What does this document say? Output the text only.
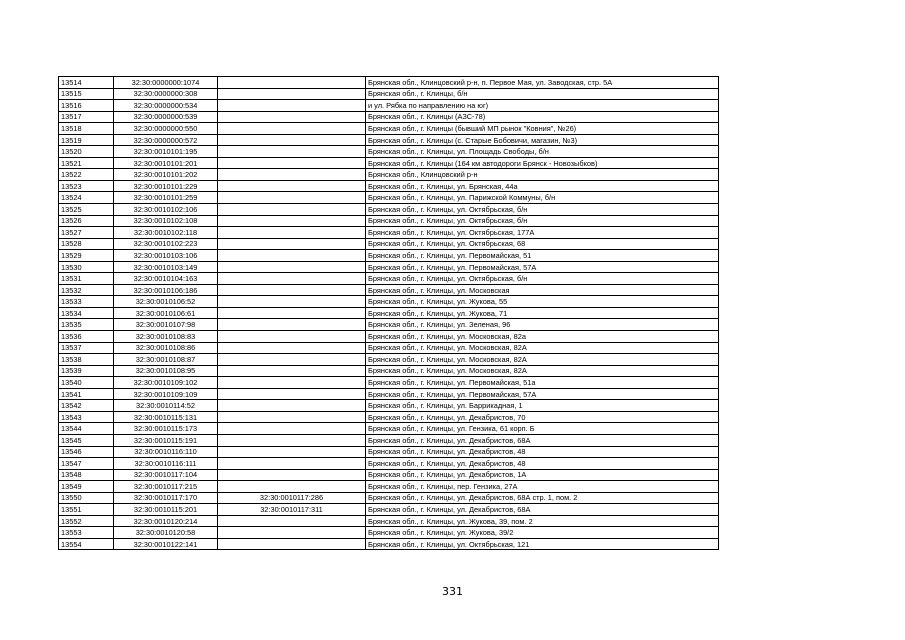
13514	32:30:0000000:1074		Брянская обл., Клинцовский р-н, п. Первое Мая, ул. Заводская, стр. 5А
13515	32:30:0000000:308		Брянская обл., г. Клинцы, б/н
13516	32:30:0000000:534		и ул. Рябка по направлению на юг)
13517	32:30:0000000:539		Брянская обл., г. Клинцы (АЗС-78)
13518	32:30:0000000:550		Брянская обл., г. Клинцы (бывший МП рынок "Ковния", №26)
13519	32:30:0000000:572		Брянская обл., г. Клинцы (с. Старые Бобовичи, магазин, №3)
13520	32:30:0010101:195		Брянская обл., г. Клинцы, ул. Площадь Свободы, б/н
13521	32:30:0010101:201		Брянская обл., г. Клинцы (164 км автодороги Брянск - Новозыбков)
13522	32:30:0010101:202		Брянская обл., Клинцовский р-н
13523	32:30:0010101:229		Брянская обл., г. Клинцы, ул. Брянская, 44а
13524	32:30:0010101:259		Брянская обл., г. Клинцы, ул. Парижской Коммуны, б/н
13525	32:30:0010102:106		Брянская обл., г. Клинцы, ул. Октябрьская, б/н
13526	32:30:0010102:108		Брянская обл., г. Клинцы, ул. Октябрьская, б/н
13527	32:30:0010102:118		Брянская обл., г. Клинцы, ул. Октябрьская, 177А
13528	32:30:0010102:223		Брянская обл., г. Клинцы, ул. Октябрьская, 68
13529	32:30:0010103:106		Брянская обл., г. Клинцы, ул. Первомайская, 51
13530	32:30:0010103:149		Брянская обл., г. Клинцы, ул. Первомайская, 57А
13531	32:30:0010104:163		Брянская обл., г. Клинцы, ул. Октябрьская, б/н
13532	32:30:0010106:186		Брянская обл., г. Клинцы, ул. Московская
13533	32:30:0010106:52		Брянская обл., г. Клинцы, ул. Жукова, 55
13534	32:30:0010106:61		Брянская обл., г. Клинцы, ул. Жукова, 71
13535	32:30:0010107:98		Брянская обл., г. Клинцы, ул. Зеленая, 96
13536	32:30:0010108:83		Брянская обл., г. Клинцы, ул. Московская, 82а
13537	32:30:0010108:86		Брянская обл., г. Клинцы, ул. Московская, 82А
13538	32:30:0010108:87		Брянская обл., г. Клинцы, ул. Московская, 82А
13539	32:30:0010108:95		Брянская обл., г. Клинцы, ул. Московская, 82А
13540	32:30:0010109:102		Брянская обл., г. Клинцы, ул. Первомайская, 51а
13541	32:30:0010109:109		Брянская обл., г. Клинцы, ул. Первомайская, 57А
13542	32:30:0010114:52		Брянская обл., г. Клинцы, ул. Баррикадная, 1
13543	32:30:0010115:131		Брянская обл., г. Клинцы, ул. Декабристов, 70
13544	32:30:0010115:173		Брянская обл., г. Клинцы, ул. Гензика, 61 корп. Б
13545	32:30:0010115:191		Брянская обл., г. Клинцы, ул. Декабристов, 68А
13546	32:30:0010116:110		Брянская обл., г. Клинцы, ул. Декабристов, 48
13547	32:30:0010116:111		Брянская обл., г. Клинцы, ул. Декабристов, 48
13548	32:30:0010117:104		Брянская обл., г. Клинцы, ул. Декабристов, 1А
13549	32:30:0010117:215		Брянская обл., г. Клинцы, пер. Гензика, 27А
13550	32:30:0010117:170	32:30:0010117:286	Брянская обл., г. Клинцы, ул. Декабристов, 68А стр. 1, пом. 2
13551	32:30:0010115:201	32:30:0010117:311	Брянская обл., г. Клинцы, ул. Декабристов, 68А
13552	32:30:0010120:214		Брянская обл., г. Клинцы, ул. Жукова, 39, пом. 2
13553	32:30:0010120:58		Брянская обл., г. Клинцы, ул. Жукова, 39/2
13554	32:30:0010122:141		Брянская обл., г. Клинцы, ул. Октябрьская, 121
331
